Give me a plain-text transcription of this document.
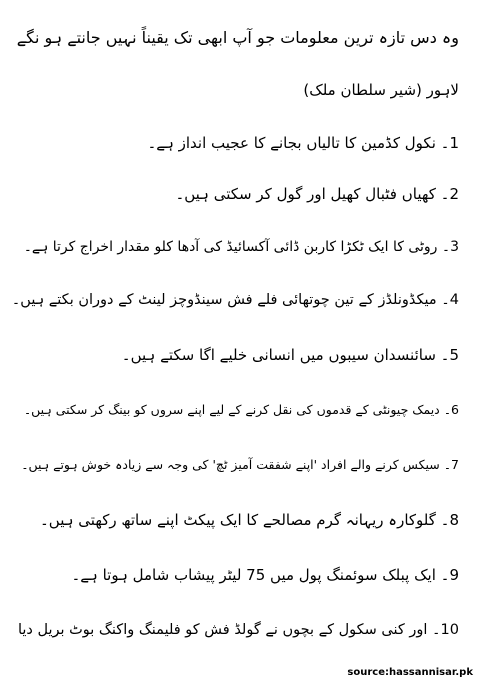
وہ دس تازہ ترین معلومات جو آپ ابھی تک یقیناً نہیں جانتے ہو نگے
لاہور (شیر سلطان ملک)
1۔ نکول کڈمین کا تالیاں بجانے کا عجیب انداز ہے۔
2۔ کھیاں فٹبال کھیل اور گول کر سکتی ہیں۔
3۔ روٹی کا ایک ٹکڑا کاربن ڈائی آکسائیڈ کی آدھا کلو مقدار اخراج کرتا ہے۔
4۔ میکڈونلڈز کے تین چوتھائی فلے فش سینڈوچز لینٹ کے دوران بکتے ہیں۔
5۔ سائنسدان سیبوں میں انسانی خلیے اگا سکتے ہیں۔
6۔ دیمک چیونٹی کے قدموں کی نقل کرنے کے لیے اپنے سروں کو بینگ کر سکتی ہیں۔
7۔ سیکس کرنے والے افراد 'اپنے شفقت آمیز ٹچ' کی وجہ سے زیادہ خوش ہوتے ہیں۔
8۔ گلوکارہ ریہانہ گرم مصالحے کا ایک پیکٹ اپنے ساتھ رکھتی ہیں۔
9۔ ایک پبلک سوئمنگ پول میں 75 لیٹر پیشاب شامل ہوتا ہے۔
10۔ اور کنی سکول کے بچوں نے گولڈ فش کو فلیمنگ واکنگ بوٹ بریل دیا
source:hassannisar.pk
